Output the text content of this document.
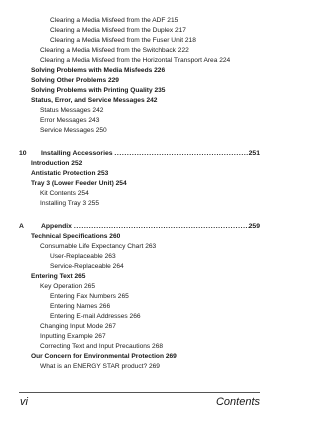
Clearing a Media Misfeed from the ADF 215
Clearing a Media Misfeed from the Duplex 217
Clearing a Media Misfeed from the Fuser Unit 218
Clearing a Media Misfeed from the Switchback 222
Clearing a Media Misfeed from the Horizontal Transport Area 224
Solving Problems with Media Misfeeds 226
Solving Other Problems 229
Solving Problems with Printing Quality 235
Status, Error, and Service Messages 242
Status Messages 242
Error Messages 243
Service Messages 250
10	Installing Accessories .....	251
Introduction 252
Antistatic Protection 253
Tray 3 (Lower Feeder Unit) 254
Kit Contents 254
Installing Tray 3 255
A	Appendix .....	259
Technical Specifications 260
Consumable Life Expectancy Chart 263
User-Replaceable 263
Service-Replaceable 264
Entering Text 265
Key Operation 265
Entering Fax Numbers 265
Entering Names 266
Entering E-mail Addresses 266
Changing Input Mode 267
Inputting Example 267
Correcting Text and Input Precautions 268
Our Concern for Environmental Protection 269
What is an ENERGY STAR product? 269
vi	Contents
